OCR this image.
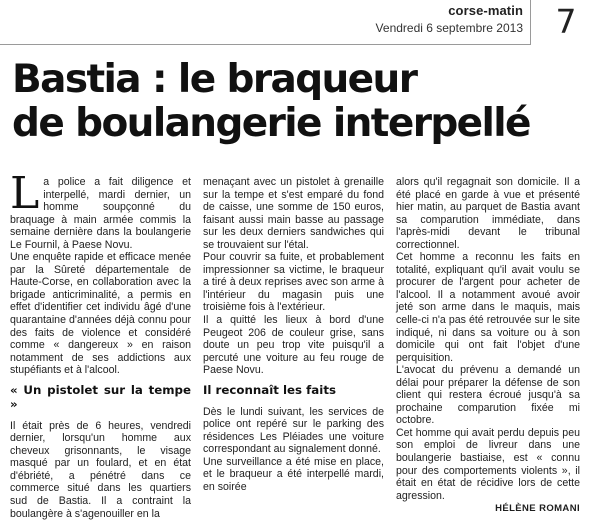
corse-matin
Vendredi 6 septembre 2013 7
Bastia : le braqueur
de boulangerie interpellé

La police a fait diligence et interpellé, mardi dernier, un homme soupçonné du braquage à main armée commis la semaine dernière dans la boulangerie Le Fournil, à Paese Novu.

Une enquête rapide et efficace menée par la Sûreté départementale de Haute-Corse, en collaboration avec la brigade anticriminalité, a permis en effet d'identifier cet individu âgé d'une quarantaine d'années déjà connu pour des faits de violence et considéré comme « dangereux » en raison notamment de ses addictions aux stupéfiants et à l'alcool.

« Un pistolet sur la tempe »

Il était près de 6 heures, vendredi dernier, lorsqu'un homme aux cheveux grisonnants, le visage masqué par un foulard, et en état d'ébriété, a pénétré dans ce commerce situé dans les quartiers sud de Bastia. Il a contraint la boulangère à s'agenouiller en la

menaçant avec un pistolet à grenaille sur la tempe et s'est emparé du fond de caisse, une somme de 150 euros, faisant aussi main basse au passage sur les deux derniers sandwiches qui se trouvaient sur l'étal.

Pour couvrir sa fuite, et probablement impressionner sa victime, le braqueur a tiré à deux reprises avec son arme à l'intérieur du magasin puis une troisième fois à l'extérieur.

Il a quitté les lieux à bord d'une Peugeot 206 de couleur grise, sans doute un peu trop vite puisqu'il a percuté une voiture au feu rouge de Paese Novu.

Il reconnaît les faits

Dès le lundi suivant, les services de police ont repéré sur le parking des résidences Les Pléiades une voiture correspondant au signalement donné.

Une surveillance a été mise en place, et le braqueur a été interpellé mardi, en soirée

alors qu'il regagnait son domicile. Il a été placé en garde à vue et présenté hier matin, au parquet de Bastia avant sa comparution immédiate, dans l'après-midi devant le tribunal correctionnel.

Cet homme a reconnu les faits en totalité, expliquant qu'il avait voulu se procurer de l'argent pour acheter de l'alcool. Il a notamment avoué avoir jeté son arme dans le maquis, mais celle-ci n'a pas été retrouvée sur le site indiqué, ni dans sa voiture ou à son domicile qui ont fait l'objet d'une perquisition.

L'avocat du prévenu a demandé un délai pour préparer la défense de son client qui restera écroué jusqu'à sa prochaine comparution fixée mi octobre.

Cet homme qui avait perdu depuis peu son emploi de livreur dans une boulangerie bastiaise, est « connu pour des comportements violents », il était en état de récidive lors de cette agression.

HÉLÈNE ROMANI
